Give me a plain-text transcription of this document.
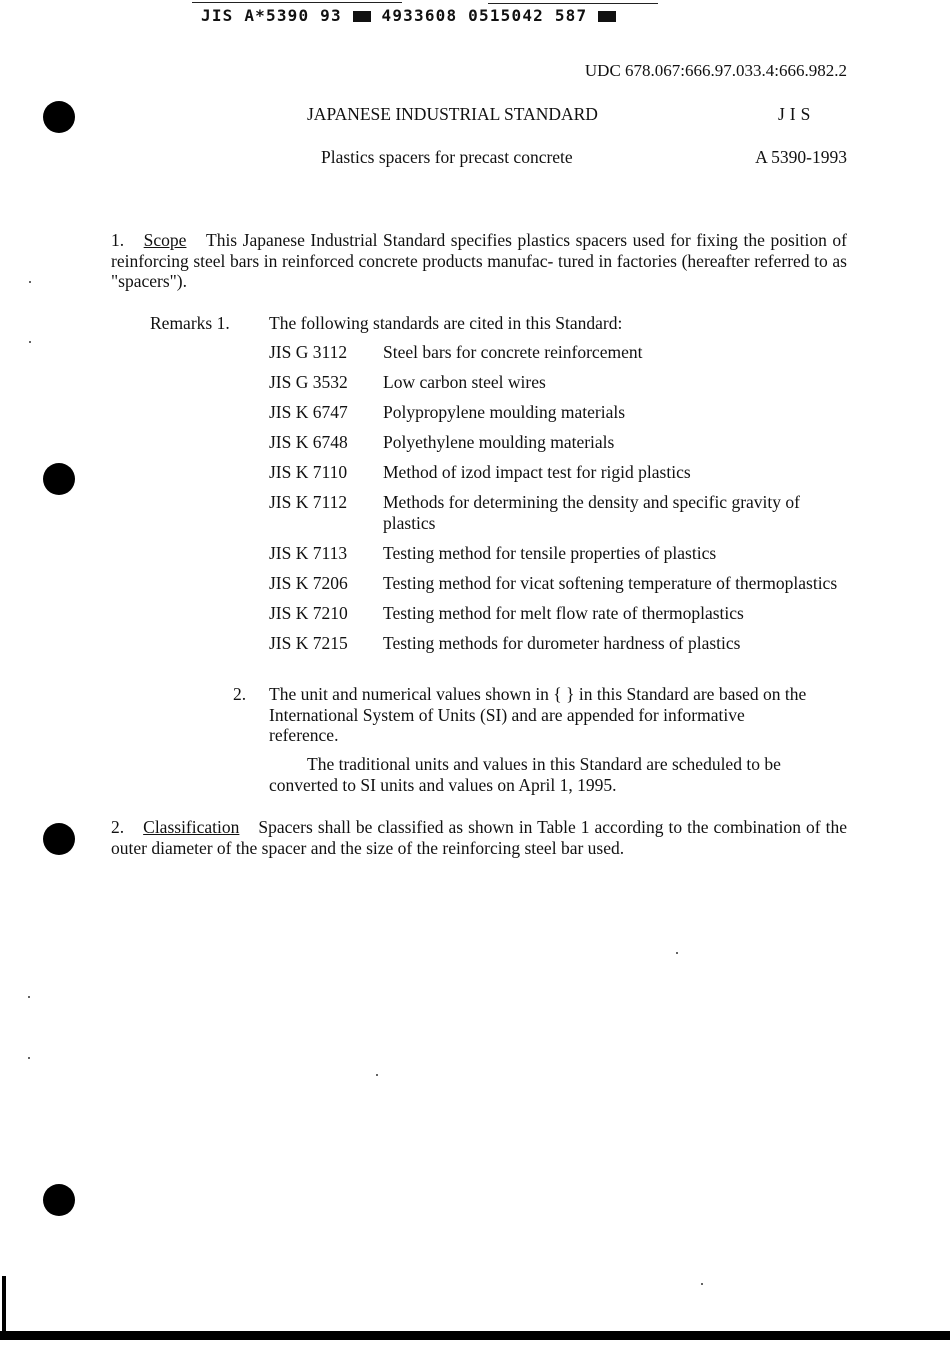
JIS A*5390 93 4933608 0515042 587
UDC 678.067:666.97.033.4:666.982.2
JAPANESE INDUSTRIAL STANDARD	JIS
Plastics spacers for precast concrete	A 5390-1993
1. Scope This Japanese Industrial Standard specifies plastics spacers used for fixing the position of reinforcing steel bars in reinforced concrete products manufac- tured in factories (hereafter referred to as "spacers").
Remarks 1. The following standards are cited in this Standard:
JIS G 3112	Steel bars for concrete reinforcement
JIS G 3532	Low carbon steel wires
JIS K 6747	Polypropylene moulding materials
JIS K 6748	Polyethylene moulding materials
JIS K 7110	Method of izod impact test for rigid plastics
JIS K 7112	Methods for determining the density and specific gravity of plastics
JIS K 7113	Testing method for tensile properties of plastics
JIS K 7206	Testing method for vicat softening temperature of thermoplastics
JIS K 7210	Testing method for melt flow rate of thermoplastics
JIS K 7215	Testing methods for durometer hardness of plastics
2. The unit and numerical values shown in { } in this Standard are based on the International System of Units (SI) and are appended for informative reference.
The traditional units and values in this Standard are scheduled to be converted to SI units and values on April 1, 1995.
2. Classification Spacers shall be classified as shown in Table 1 according to the combination of the outer diameter of the spacer and the size of the reinforcing steel bar used.
